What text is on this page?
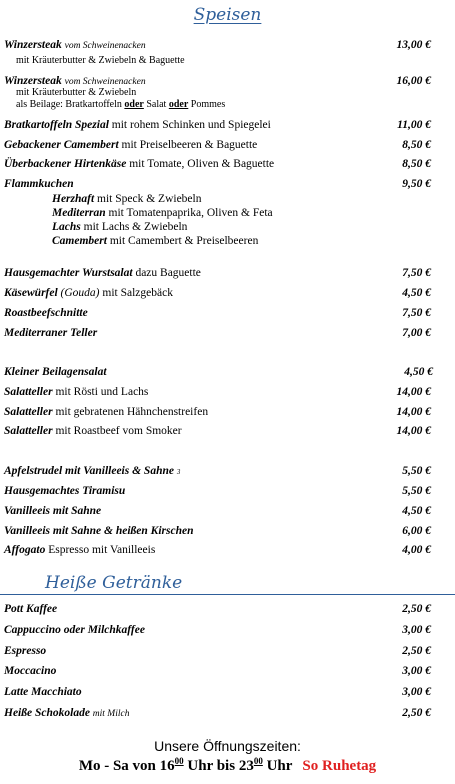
Speisen
Winzersteak vom Schweinenacken	13,00 €
mit Kräuterbutter & Zwiebeln & Baguette
Winzersteak vom Schweinenacken	16,00 €
mit Kräuterbutter & Zwiebeln
als Beilage: Bratkartoffeln oder Salat oder Pommes
Bratkartoffeln Spezial mit rohem Schinken und Spiegelei	11,00 €
Gebackener Camembert mit Preiselbeeren & Baguette	8,50 €
Überbackener Hirtenkäse mit Tomate, Oliven & Baguette	8,50 €
Flammkuchen	9,50 €
Herzhaft mit Speck & Zwiebeln
Mediterran mit Tomatenpaprika, Oliven & Feta
Lachs mit Lachs & Zwiebeln
Camembert mit Camembert & Preiselbeeren
Hausgemachter Wurstsalat dazu Baguette	7,50 €
Käsewürfel (Gouda) mit Salzgebäck	4,50 €
Roastbeefschnitte	7,50 €
Mediterraner Teller	7,00 €
Kleiner Beilagensalat	4,50 €
Salatteller mit Rösti und Lachs	14,00 €
Salatteller mit gebratenen Hähnchenstreifen	14,00 €
Salatteller mit Roastbeef vom Smoker	14,00 €
Apfelstrudel mit Vanilleeis & Sahne 3	5,50 €
Hausgemachtes Tiramisu	5,50 €
Vanilleeis mit Sahne	4,50 €
Vanilleeis mit Sahne & heißen Kirschen	6,00 €
Affogato Espresso mit Vanilleeis	4,00 €
Heiße Getränke
Pott Kaffee	2,50 €
Cappuccino oder Milchkaffee	3,00 €
Espresso	2,50 €
Moccacino	3,00 €
Latte Macchiato	3,00 €
Heiße Schokolade mit Milch	2,50 €
Unsere Öffnungszeiten:
Mo - Sa von $16^{00}$ Uhr bis $23^{00}$ Uhr So Ruhetag
